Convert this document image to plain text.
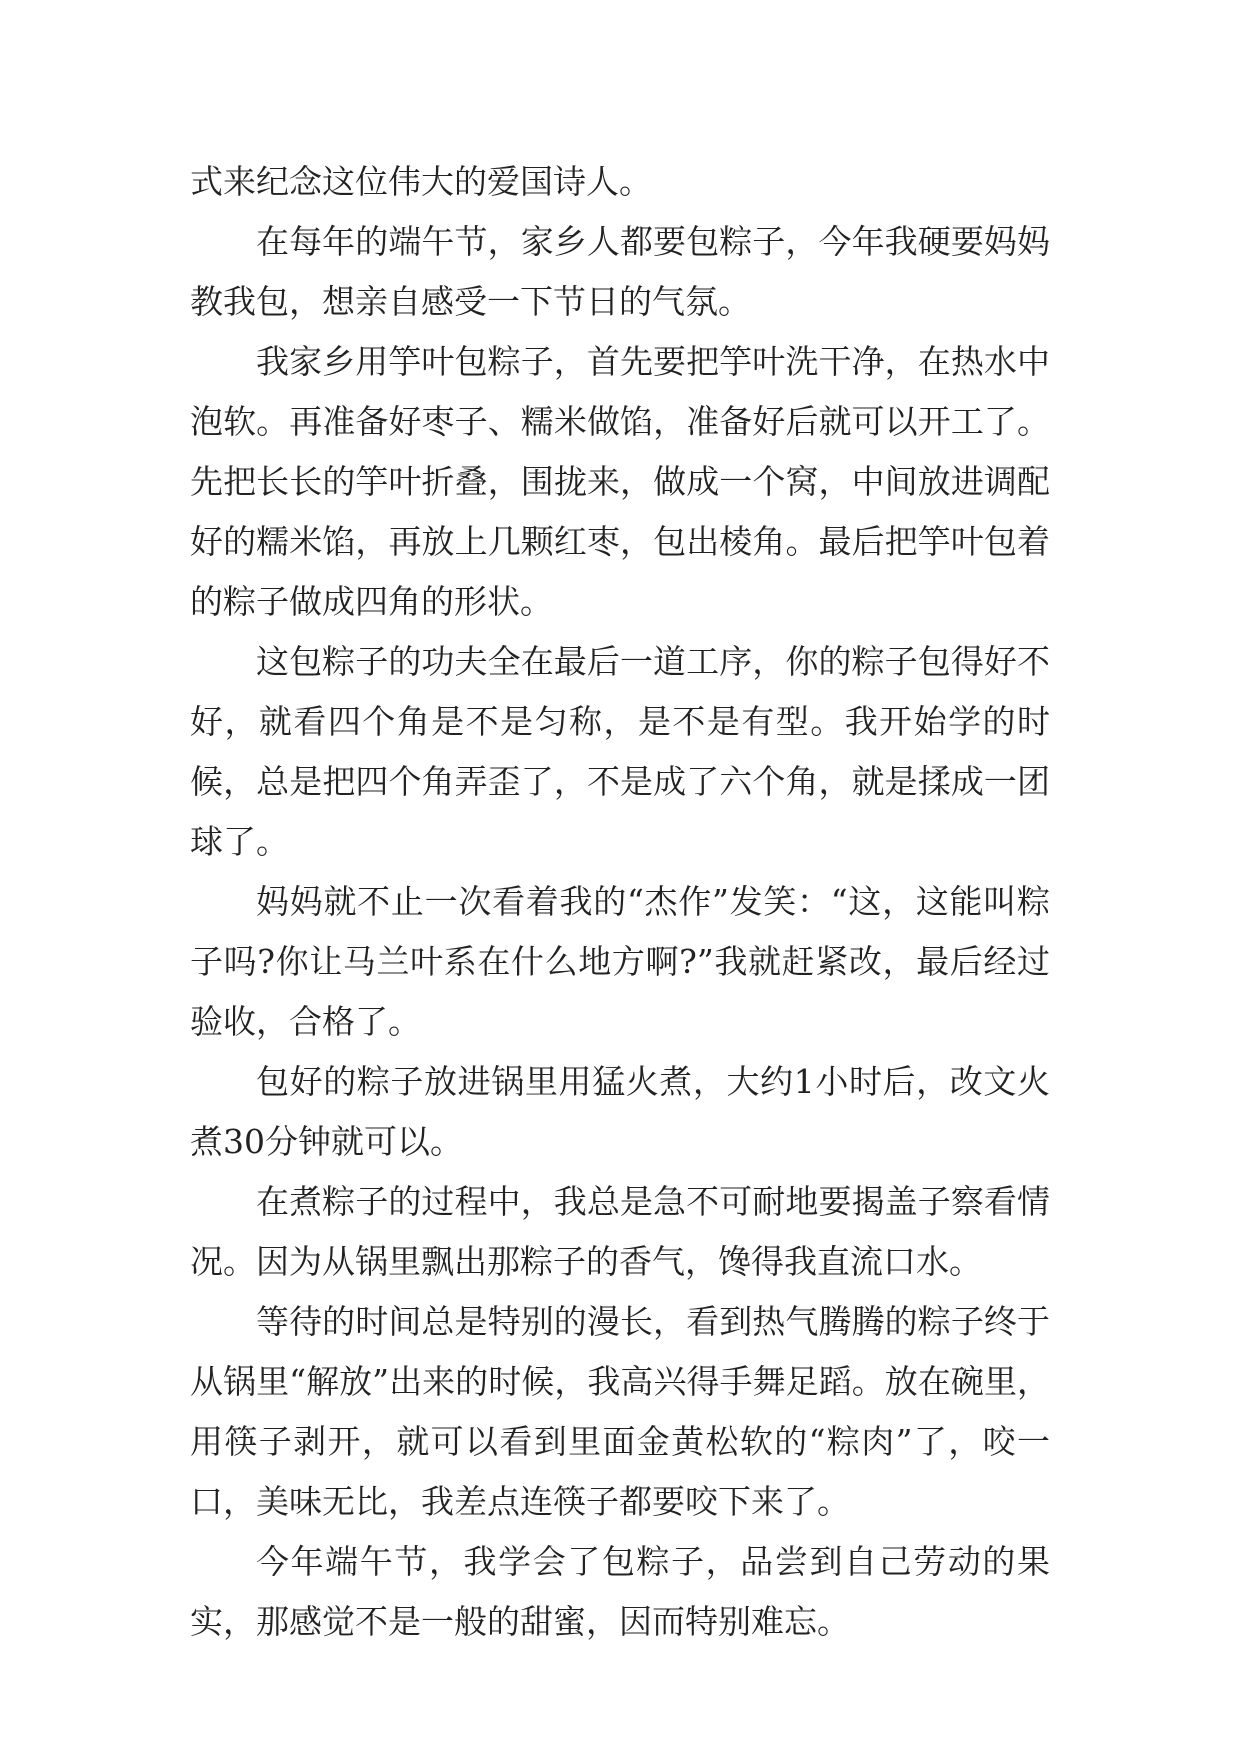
式来纪念这位伟大的爱国诗人。

在每年的端午节，家乡人都要包粽子，今年我硬要妈妈教我包，想亲自感受一下节日的气氛。

我家乡用竽叶包粽子，首先要把竽叶洗干净，在热水中泡软。再准备好枣子、糯米做馅，准备好后就可以开工了。先把长长的竽叶折叠，围拢来，做成一个窝，中间放进调配好的糯米馅，再放上几颗红枣，包出棱角。最后把竽叶包着的粽子做成四角的形状。

这包粽子的功夫全在最后一道工序，你的粽子包得好不好，就看四个角是不是匀称，是不是有型。我开始学的时候，总是把四个角弄歪了，不是成了六个角，就是揉成一团球了。

妈妈就不止一次看着我的“杰作”发笑：“这，这能叫粽子吗?你让马兰叶系在什么地方啊?”我就赶紧改，最后经过验收，合格了。

包好的粽子放进锅里用猛火煮，大约1小时后，改文火煮30分钟就可以。

在煮粽子的过程中，我总是急不可耐地要揭盖子察看情况。因为从锅里飘出那粽子的香气，馋得我直流口水。

等待的时间总是特别的漫长，看到热气腾腾的粽子终于从锅里“解放”出来的时候，我高兴得手舞足蹈。放在碗里，用筷子剥开，就可以看到里面金黄松软的“粽肉”了，咬一口，美味无比，我差点连筷子都要咬下来了。

今年端午节，我学会了包粽子，品尝到自己劳动的果实，那感觉不是一般的甜蜜，因而特别难忘。
